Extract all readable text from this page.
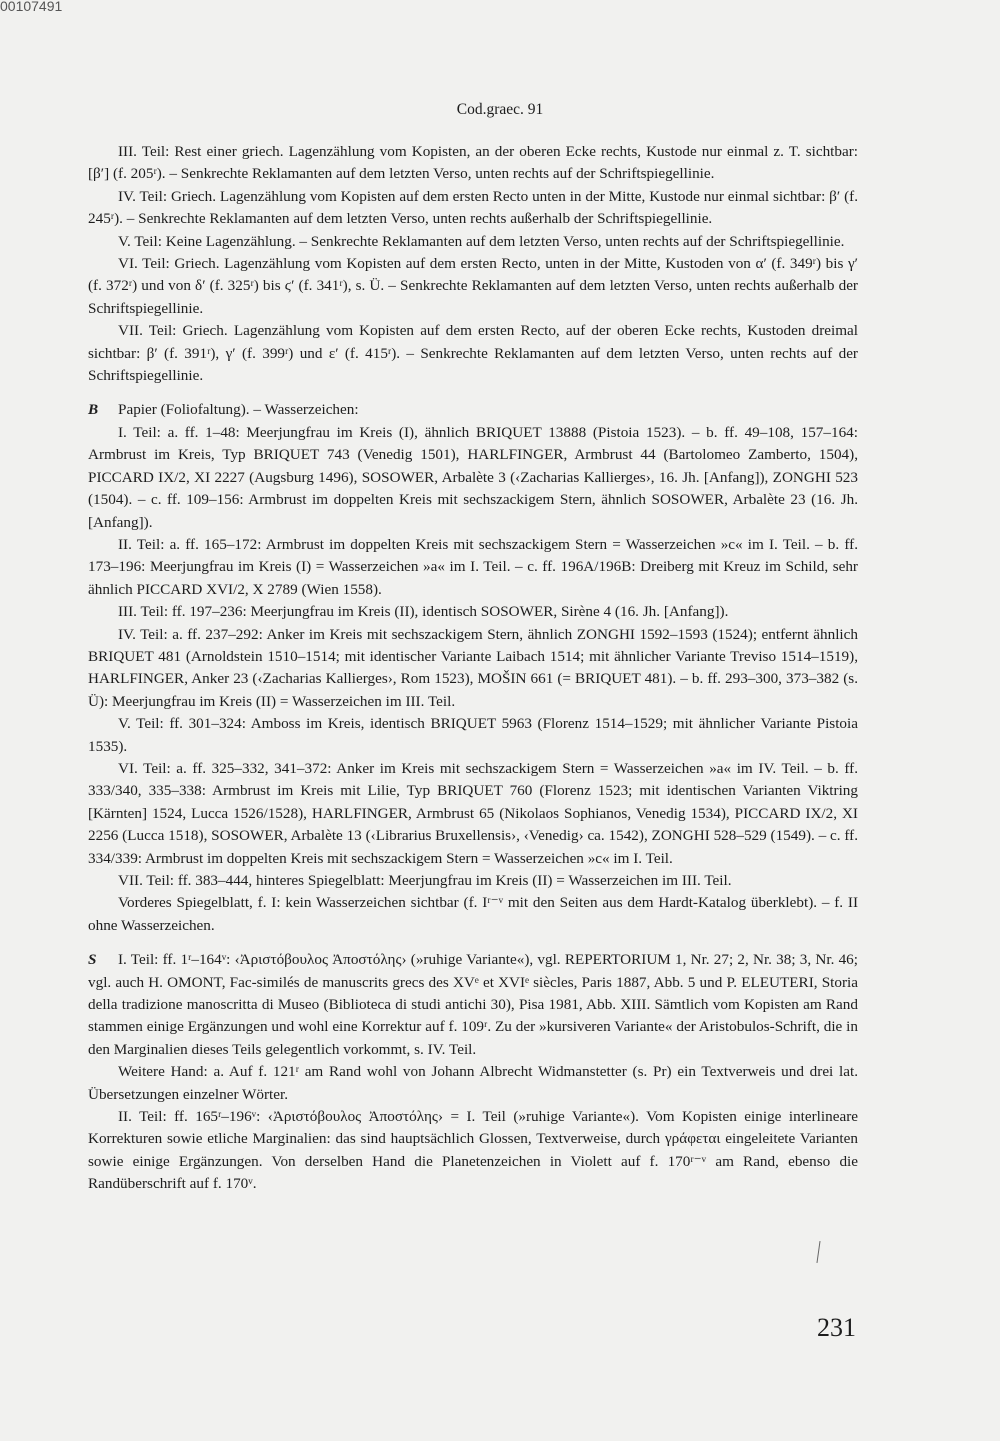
00107491
Cod.graec. 91

III. Teil: Rest einer griech. Lagenzählung vom Kopisten, an der oberen Ecke rechts, Kustode nur einmal z. T. sichtbar: [β′] (f. 205ʳ). – Senkrechte Reklamanten auf dem letzten Verso, unten rechts auf der Schriftspiegellinie.

IV. Teil: Griech. Lagenzählung vom Kopisten auf dem ersten Recto unten in der Mitte, Kustode nur einmal sichtbar: β′ (f. 245ʳ). – Senkrechte Reklamanten auf dem letzten Verso, unten rechts außerhalb der Schriftspiegellinie.

V. Teil: Keine Lagenzählung. – Senkrechte Reklamanten auf dem letzten Verso, unten rechts auf der Schriftspiegellinie.

VI. Teil: Griech. Lagenzählung vom Kopisten auf dem ersten Recto, unten in der Mitte, Kustoden von α′ (f. 349ʳ) bis γ′ (f. 372ʳ) und von δ′ (f. 325ʳ) bis ϛ′ (f. 341ʳ), s. Ü. – Senkrechte Reklamanten auf dem letzten Verso, unten rechts außerhalb der Schriftspiegellinie.

VII. Teil: Griech. Lagenzählung vom Kopisten auf dem ersten Recto, auf der oberen Ecke rechts, Kustoden dreimal sichtbar: β′ (f. 391ʳ), γ′ (f. 399ʳ) und ε′ (f. 415ʳ). – Senkrechte Reklamanten auf dem letzten Verso, unten rechts auf der Schriftspiegellinie.

B Papier (Foliofaltung). – Wasserzeichen:

I. Teil: a. ff. 1–48: Meerjungfrau im Kreis (I), ähnlich BRIQUET 13888 (Pistoia 1523). – b. ff. 49–108, 157–164: Armbrust im Kreis, Typ BRIQUET 743 (Venedig 1501), HARLFINGER, Armbrust 44 (Bartolomeo Zamberto, 1504), PICCARD IX/2, XI 2227 (Augsburg 1496), SOSOWER, Arbalète 3 (‹Zacharias Kallierges›, 16. Jh. [Anfang]), ZONGHI 523 (1504). – c. ff. 109–156: Armbrust im doppelten Kreis mit sechszackigem Stern, ähnlich SOSOWER, Arbalète 23 (16. Jh. [Anfang]).

II. Teil: a. ff. 165–172: Armbrust im doppelten Kreis mit sechszackigem Stern = Wasserzeichen »c« im I. Teil. – b. ff. 173–196: Meerjungfrau im Kreis (I) = Wasserzeichen »a« im I. Teil. – c. ff. 196A/196B: Dreiberg mit Kreuz im Schild, sehr ähnlich PICCARD XVI/2, X 2789 (Wien 1558).

III. Teil: ff. 197–236: Meerjungfrau im Kreis (II), identisch SOSOWER, Sirène 4 (16. Jh. [Anfang]).

IV. Teil: a. ff. 237–292: Anker im Kreis mit sechszackigem Stern, ähnlich ZONGHI 1592–1593 (1524); entfernt ähnlich BRIQUET 481 (Arnoldstein 1510–1514; mit identischer Variante Laibach 1514; mit ähnlicher Variante Treviso 1514–1519), HARLFINGER, Anker 23 (‹Zacharias Kallierges›, Rom 1523), MOŠIN 661 (= BRIQUET 481). – b. ff. 293–300, 373–382 (s. Ü): Meerjungfrau im Kreis (II) = Wasserzeichen im III. Teil.

V. Teil: ff. 301–324: Amboss im Kreis, identisch BRIQUET 5963 (Florenz 1514–1529; mit ähnlicher Variante Pistoia 1535).

VI. Teil: a. ff. 325–332, 341–372: Anker im Kreis mit sechszackigem Stern = Wasserzeichen »a« im IV. Teil. – b. ff. 333/340, 335–338: Armbrust im Kreis mit Lilie, Typ BRIQUET 760 (Florenz 1523; mit identischen Varianten Viktring [Kärnten] 1524, Lucca 1526/1528), HARLFINGER, Armbrust 65 (Nikolaos Sophianos, Venedig 1534), PICCARD IX/2, XI 2256 (Lucca 1518), SOSOWER, Arbalète 13 (‹Librarius Bruxellensis›, ‹Venedig› ca. 1542), ZONGHI 528–529 (1549). – c. ff. 334/339: Armbrust im doppelten Kreis mit sechszackigem Stern = Wasserzeichen »c« im I. Teil.

VII. Teil: ff. 383–444, hinteres Spiegelblatt: Meerjungfrau im Kreis (II) = Wasserzeichen im III. Teil.

Vorderes Spiegelblatt, f. I: kein Wasserzeichen sichtbar (f. Iʳ⁻ᵛ mit den Seiten aus dem Hardt-Katalog überklebt). – f. II ohne Wasserzeichen.

S I. Teil: ff. 1ʳ–164ᵛ: ‹Ἀριστόβουλος Ἀποστόλης› (»ruhige Variante«), vgl. REPERTORIUM 1, Nr. 27; 2, Nr. 38; 3, Nr. 46; vgl. auch H. OMONT, Fac-similés de manuscrits grecs des XVᵉ et XVIᵉ siècles, Paris 1887, Abb. 5 und P. ELEUTERI, Storia della tradizione manoscritta di Museo (Biblioteca di studi antichi 30), Pisa 1981, Abb. XIII. Sämtlich vom Kopisten am Rand stammen einige Ergänzungen und wohl eine Korrektur auf f. 109ʳ. Zu der »kursiveren Variante« der Aristobulos-Schrift, die in den Marginalien dieses Teils gelegentlich vorkommt, s. IV. Teil.

Weitere Hand: a. Auf f. 121ʳ am Rand wohl von Johann Albrecht Widmanstetter (s. Pr) ein Textverweis und drei lat. Übersetzungen einzelner Wörter.

II. Teil: ff. 165ʳ–196ᵛ: ‹Ἀριστόβουλος Ἀποστόλης› = I. Teil (»ruhige Variante«). Vom Kopisten einige interlineare Korrekturen sowie etliche Marginalien: das sind hauptsächlich Glossen, Textverweise, durch γράφεται eingeleitete Varianten sowie einige Ergänzungen. Von derselben Hand die Planetenzeichen in Violett auf f. 170ʳ⁻ᵛ am Rand, ebenso die Randüberschrift auf f. 170ᵛ.

231
